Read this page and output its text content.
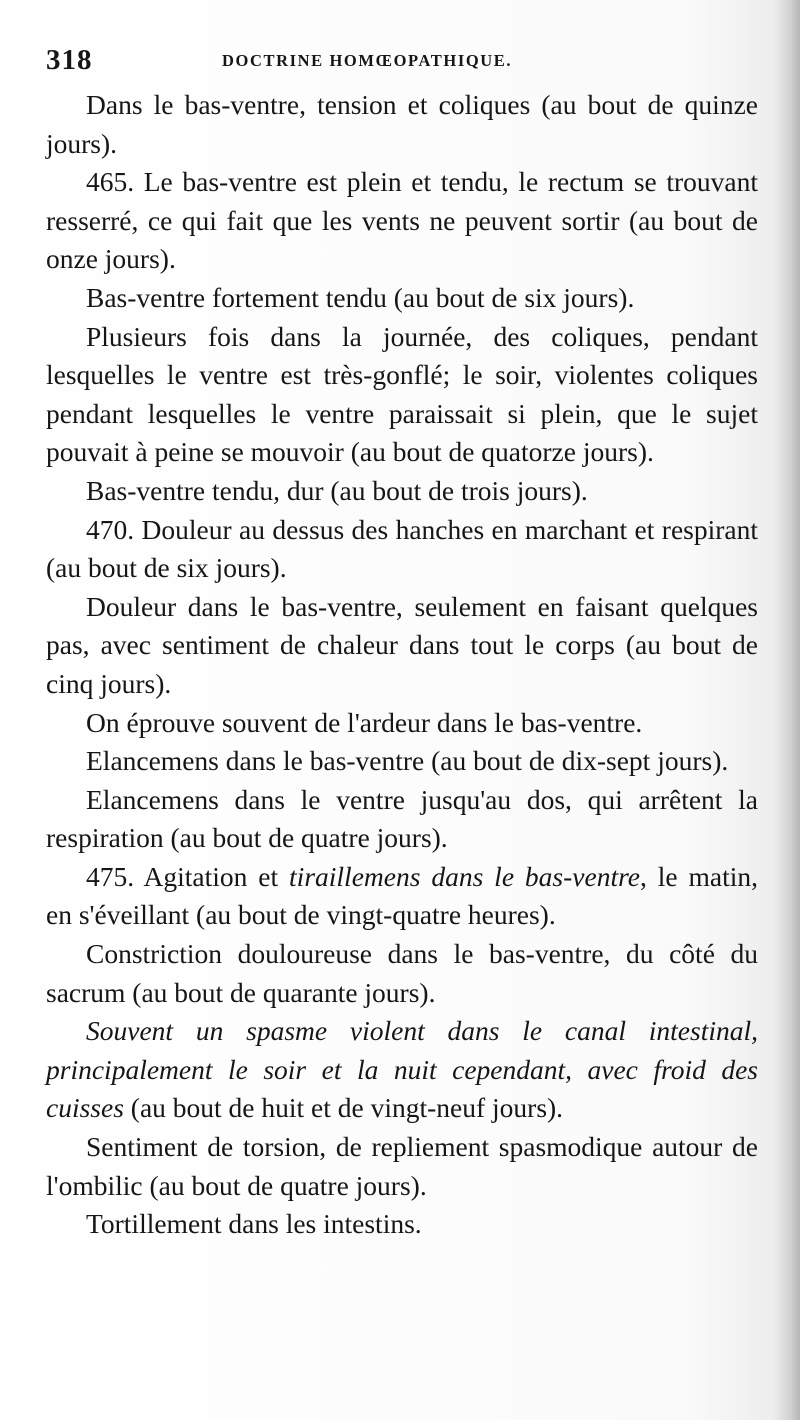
318	DOCTRINE HOMŒOPATHIQUE.

Dans le bas-ventre, tension et coliques (au bout de quinze jours).

465. Le bas-ventre est plein et tendu, le rectum se trouvant resserré, ce qui fait que les vents ne peuvent sortir (au bout de onze jours).

Bas-ventre fortement tendu (au bout de six jours).

Plusieurs fois dans la journée, des coliques, pendant lesquelles le ventre est très-gonflé; le soir, violentes coliques pendant lesquelles le ventre paraissait si plein, que le sujet pouvait à peine se mouvoir (au bout de quatorze jours).

Bas-ventre tendu, dur (au bout de trois jours).

470. Douleur au dessus des hanches en marchant et respirant (au bout de six jours).

Douleur dans le bas-ventre, seulement en faisant quelques pas, avec sentiment de chaleur dans tout le corps (au bout de cinq jours).

On éprouve souvent de l'ardeur dans le bas-ventre.

Elancemens dans le bas-ventre (au bout de dix-sept jours).

Elancemens dans le ventre jusqu'au dos, qui arrêtent la respiration (au bout de quatre jours).

475. Agitation et tiraillemens dans le bas-ventre, le matin, en s'éveillant (au bout de vingt-quatre heures).

Constriction douloureuse dans le bas-ventre, du côté du sacrum (au bout de quarante jours).

Souvent un spasme violent dans le canal intestinal, principalement le soir et la nuit cependant, avec froid des cuisses (au bout de huit et de vingt-neuf jours).

Sentiment de torsion, de repliement spasmodique autour de l'ombilic (au bout de quatre jours).

Tortillement dans les intestins.
